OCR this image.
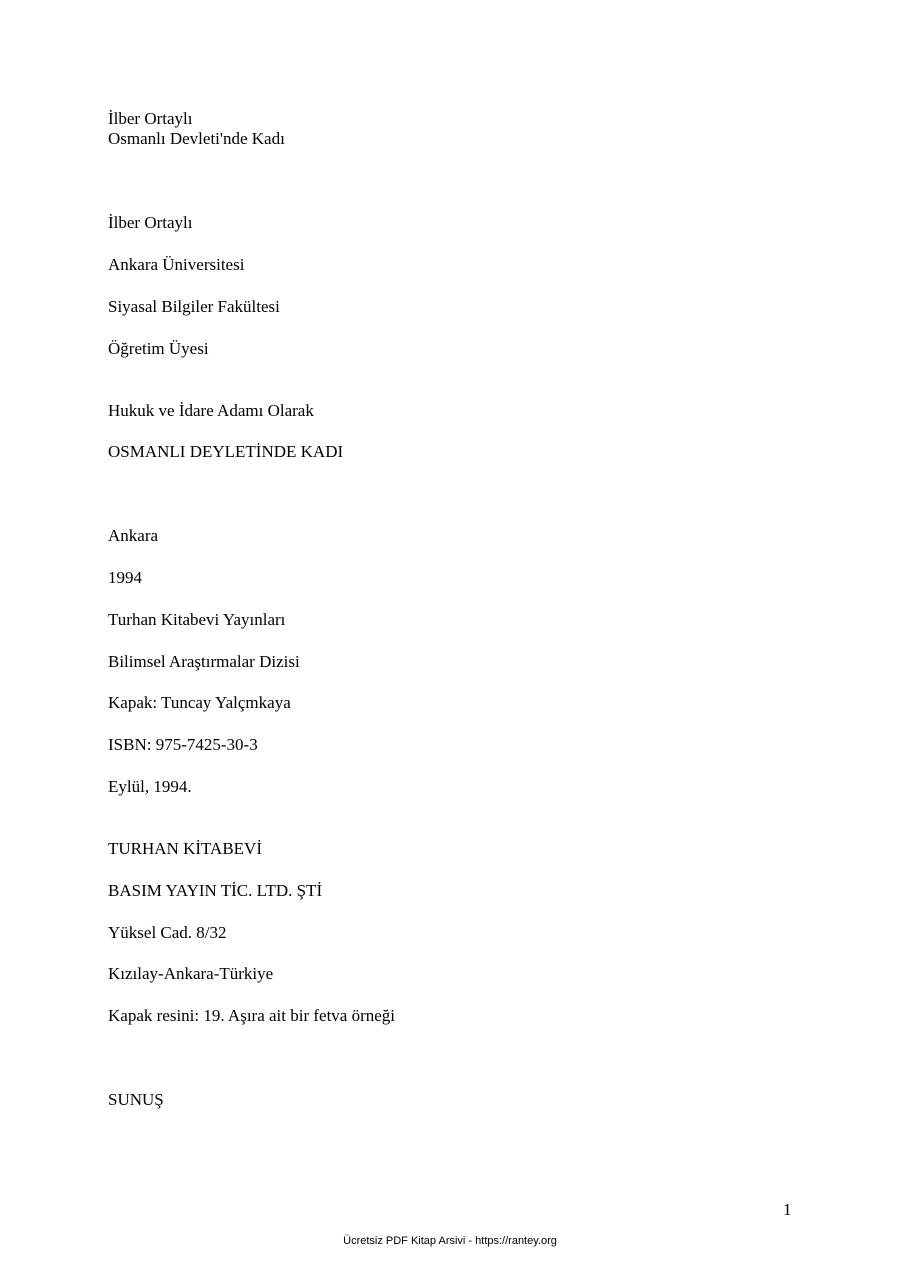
İlber Ortaylı

Osmanlı Devleti'nde Kadı

İlber Ortaylı

Ankara Üniversitesi

Siyasal Bilgiler Fakültesi

Öğretim Üyesi

Hukuk ve İdare Adamı Olarak

OSMANLI DEYLETİNDE KADI

Ankara

1994

Turhan Kitabevi Yayınları

Bilimsel Araştırmalar Dizisi

Kapak: Tuncay Yalçmkaya

ISBN: 975-7425-30-3

Eylül, 1994.

TURHAN KİTABEVİ

BASIM YAYIN TİC. LTD. ŞTİ

Yüksel Cad. 8/32

Kızılay-Ankara-Türkiye

Kapak resini: 19. Aşıra ait bir fetva örneği

SUNUŞ

1
Ücretsiz PDF Kitap Arsivi - https://rantey.org
